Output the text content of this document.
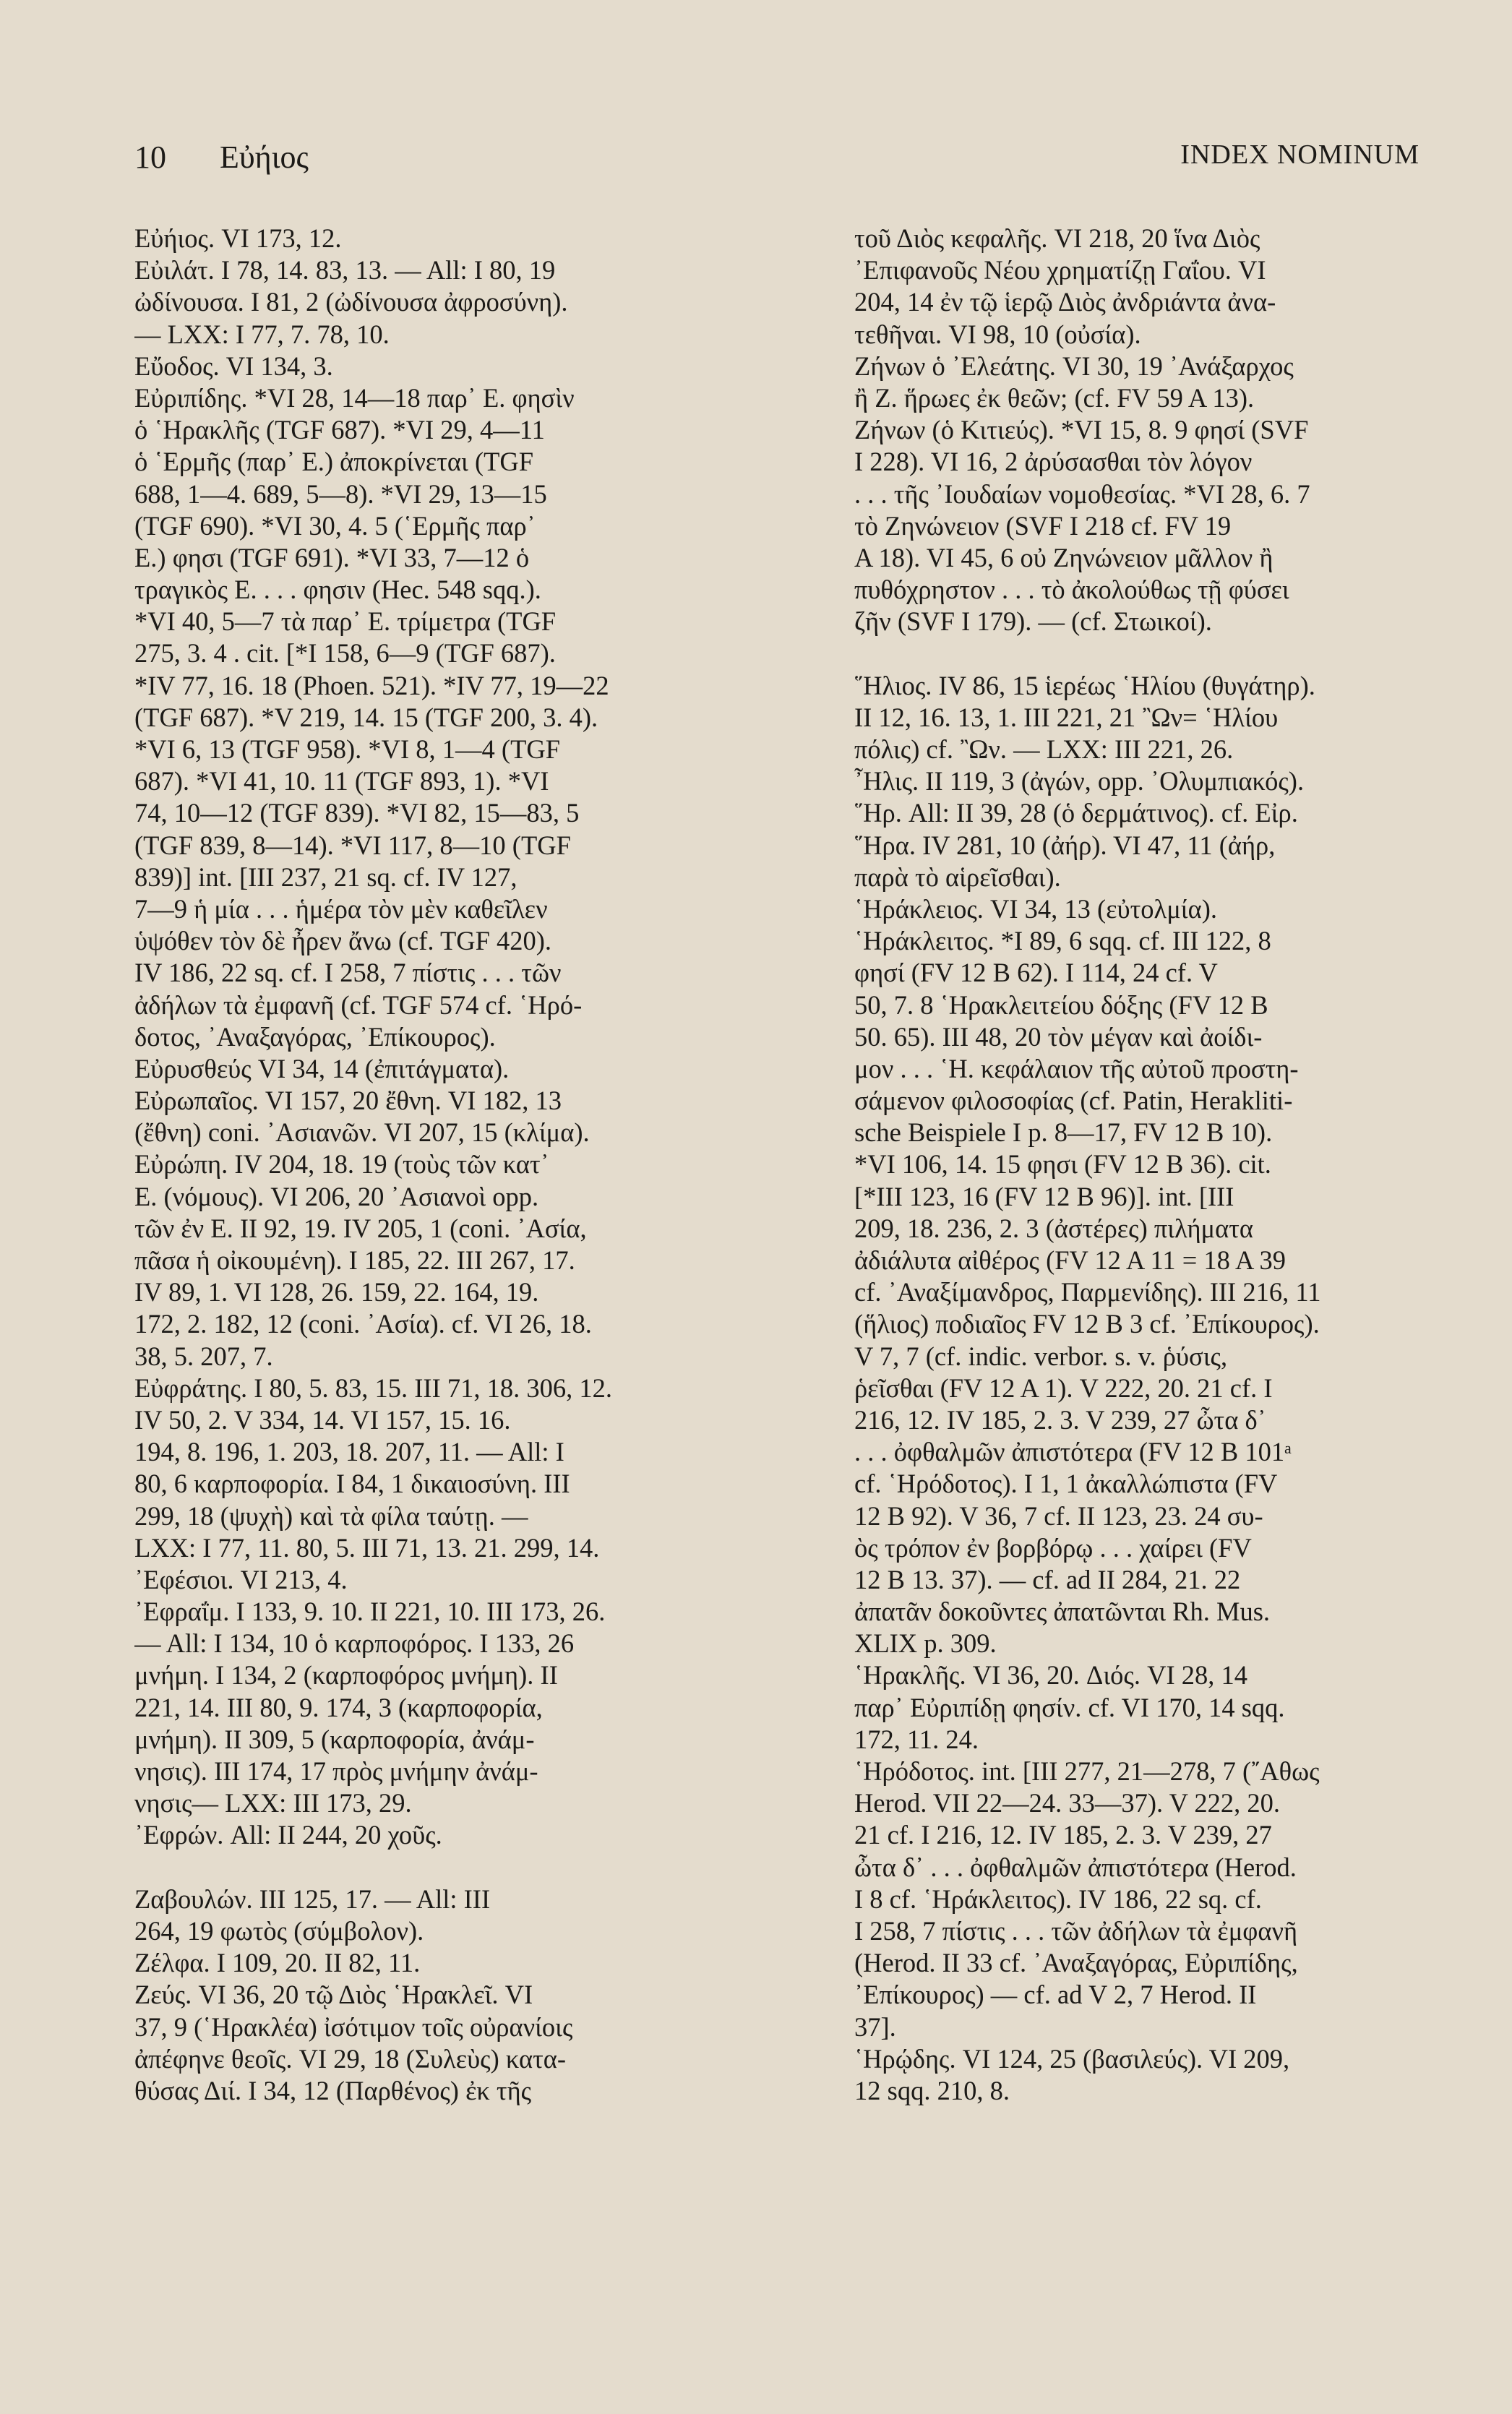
10 Εὐήιος	INDEX NOMINUM
Εὐήιος. VI 173, 12.
Εὐιλάτ. I 78, 14. 83, 13. — All: I 80, 19
ὠδίνουσα. I 81, 2 (ὠδίνουσα ἀφροσύνη).
— LXX: I 77, 7. 78, 10.
Εὔοδος. VI 134, 3.
Εὐριπίδης. *VI 28, 14—18 παρ᾽ Ε. φησὶν
ὁ ῾Ηρακλῆς (TGF 687). *VI 29, 4—11
ὁ ῾Ερμῆς (παρ᾽ Ε.) ἀποκρίνεται (TGF
688, 1—4. 689, 5—8). *VI 29, 13—15
(TGF 690). *VI 30, 4. 5 (῾Ερμῆς παρ᾽
Ε.) φησι (TGF 691). *VI 33, 7—12 ὁ
τραγικὸς Ε. . . . φησιν (Hec. 548 sqq.).
*VI 40, 5—7 τὰ παρ᾽ Ε. τρίμετρα (TGF
275, 3. 4 . cit. [*I 158, 6—9 (TGF 687).
*IV 77, 16. 18 (Phoen. 521). *IV 77, 19—22
(TGF 687). *V 219, 14. 15 (TGF 200, 3. 4).
*VI 6, 13 (TGF 958). *VI 8, 1—4 (TGF
687). *VI 41, 10. 11 (TGF 893, 1). *VI
74, 10—12 (TGF 839). *VI 82, 15—83, 5
(TGF 839, 8—14). *VI 117, 8—10 (TGF
839)] int. [III 237, 21 sq. cf. IV 127,
7—9 ἡ μία . . . ἡμέρα τὸν μὲν καθεῖλεν
ὑψόθεν τὸν δὲ ἦρεν ἄνω (cf. TGF 420).
IV 186, 22 sq. cf. I 258, 7 πίστις . . . τῶν
ἀδήλων τὰ ἐμφανῆ (cf. TGF 574 cf. ῾Ηρό-
δοτος, ᾿Αναξαγόρας, ᾿Επίκουρος).
Εὐρυσθεύς VI 34, 14 (ἐπιτάγματα).
Εὐρωπαῖος. VI 157, 20 ἔθνη. VI 182, 13
(ἔθνη) coni. ᾿Ασιανῶν. VI 207, 15 (κλίμα).
Εὐρώπη. IV 204, 18. 19 (τοὺς τῶν κατ᾽
Ε. (νόμους). VI 206, 20 ᾿Ασιανοὶ opp.
τῶν ἐν Ε. II 92, 19. IV 205, 1 (coni. ᾿Ασία,
πᾶσα ἡ οἰκουμένη). I 185, 22. III 267, 17.
IV 89, 1. VI 128, 26. 159, 22. 164, 19.
172, 2. 182, 12 (coni. ᾿Ασία). cf. VI 26, 18.
38, 5. 207, 7.
Εὐφράτης. I 80, 5. 83, 15. III 71, 18. 306, 12.
IV 50, 2. V 334, 14. VI 157, 15. 16.
194, 8. 196, 1. 203, 18. 207, 11. — All: I
80, 6 καρποφορία. I 84, 1 δικαιοσύνη. III
299, 18 (ψυχὴ) καὶ τὰ φίλα ταύτῃ. —
LXX: I 77, 11. 80, 5. III 71, 13. 21. 299, 14.
᾿Εφέσιοι. VI 213, 4.
᾿Εφραΐμ. I 133, 9. 10. II 221, 10. III 173, 26.
— All: I 134, 10 ὁ καρποφόρος. I 133, 26
μνήμη. I 134, 2 (καρποφόρος μνήμη). II
221, 14. III 80, 9. 174, 3 (καρποφορία,
μνήμη). II 309, 5 (καρποφορία, ἀνάμ-
νησις). III 174, 17 πρὸς μνήμην ἀνάμ-
νησις— LXX: III 173, 29.
᾿Εφρών. All: II 244, 20 χοῦς.
Ζαβουλών. III 125, 17. — All: III
264, 19 φωτὸς (σύμβολον).
Ζέλφα. I 109, 20. II 82, 11.
Ζεύς. VI 36, 20 τῷ Διὸς ῾Ηρακλεῖ. VI
37, 9 (῾Ηρακλέα) ἰσότιμον τοῖς οὐρανίοις
ἀπέφηνε θεοῖς. VI 29, 18 (Συλεὺς) κατα-
θύσας Διί. I 34, 12 (Παρθένος) ἐκ τῆς
τοῦ Διὸς κεφαλῆς. VI 218, 20 ἵνα Διὸς
᾿Επιφανοῦς Νέου χρηματίζῃ Γαΐου. VI
204, 14 ἐν τῷ ἱερῷ Διὸς ἀνδριάντα ἀνα-
τεθῆναι. VI 98, 10 (οὐσία).
Ζήνων ὁ ᾿Ελεάτης. VI 30, 19 ᾿Ανάξαρχος
ἢ Ζ. ἥρωες ἐκ θεῶν; (cf. FV 59 A 13).
Ζήνων (ὁ Κιτιεύς). *VI 15, 8. 9 φησί (SVF
I 228). VI 16, 2 ἀρύσασθαι τὸν λόγον
. . . τῆς ᾿Ιουδαίων νομοθεσίας. *VI 28, 6. 7
τὸ Ζηνώνειον (SVF I 218 cf. FV 19
A 18). VI 45, 6 οὐ Ζηνώνειον μᾶλλον ἢ
πυθόχρηστον . . . τὸ ἀκολούθως τῇ φύσει
ζῆν (SVF I 179). — (cf. Στωικοί).
῞Ηλιος. IV 86, 15 ἱερέως ῾Ηλίου (θυγάτηρ).
II 12, 16. 13, 1. III 221, 21 ῍Ων= ῾Ηλίου
πόλις) cf. ῍Ων. — LXX: III 221, 26.
῏Ηλις. II 119, 3 (ἀγών, opp. ᾿Ολυμπιακός).
῞Ηρ. All: II 39, 28 (ὁ δερμάτινος). cf. Εἰρ.
῞Ηρα. IV 281, 10 (ἀήρ). VI 47, 11 (ἀήρ,
παρὰ τὸ αἱρεῖσθαι).
῾Ηράκλειος. VI 34, 13 (εὐτολμία).
῾Ηράκλειτος. *I 89, 6 sqq. cf. III 122, 8
φησί (FV 12 B 62). I 114, 24 cf. V
50, 7. 8 ῾Ηρακλειτείου δόξης (FV 12 B
50. 65). III 48, 20 τὸν μέγαν καὶ ἀοίδι-
μον . . . ῾Η. κεφάλαιον τῆς αὐτοῦ προστη-
σάμενον φιλοσοφίας (cf. Patin, Herakliti-
sche Beispiele I p. 8—17, FV 12 B 10).
*VI 106, 14. 15 φησι (FV 12 B 36). cit.
[*III 123, 16 (FV 12 B 96)]. int. [III
209, 18. 236, 2. 3 (ἀστέρες) πιλήματα
ἀδιάλυτα αἰθέρος (FV 12 A 11 = 18 A 39
cf. ᾿Αναξίμανδρος, Παρμενίδης). III 216, 11
(ἥλιος) ποδιαῖος FV 12 B 3 cf. ᾿Επίκουρος).
V 7, 7 (cf. indic. verbor. s. v. ῥύσις,
ῥεῖσθαι (FV 12 A 1). V 222, 20. 21 cf. I
216, 12. IV 185, 2. 3. V 239, 27 ὦτα δ᾽
. . . ὀφθαλμῶν ἀπιστότερα (FV 12 B 101ᵃ
cf. ῾Ηρόδοτος). I 1, 1 ἀκαλλώπιστα (FV
12 B 92). V 36, 7 cf. II 123, 23. 24 συ-
ὸς τρόπον ἐν βορβόρῳ . . . χαίρει (FV
12 B 13. 37). — cf. ad II 284, 21. 22
ἀπατᾶν δοκοῦντες ἀπατῶνται Rh. Mus.
XLIX p. 309.
῾Ηρακλῆς. VI 36, 20. Διός. VI 28, 14
παρ᾽ Εὐριπίδῃ φησίν. cf. VI 170, 14 sqq.
172, 11. 24.
῾Ηρόδοτος. int. [III 277, 21—278, 7 (῎Αθως
Herod. VII 22—24. 33—37). V 222, 20.
21 cf. I 216, 12. IV 185, 2. 3. V 239, 27
ὦτα δ᾽ . . . ὀφθαλμῶν ἀπιστότερα (Herod.
I 8 cf. ῾Ηράκλειτος). IV 186, 22 sq. cf.
I 258, 7 πίστις . . . τῶν ἀδήλων τὰ ἐμφανῆ
(Herod. II 33 cf. ᾿Αναξαγόρας, Εὐριπίδης,
᾿Επίκουρος) — cf. ad V 2, 7 Herod. II
37].
῾Ηρῴδης. VI 124, 25 (βασιλεύς). VI 209,
12 sqq. 210, 8.
